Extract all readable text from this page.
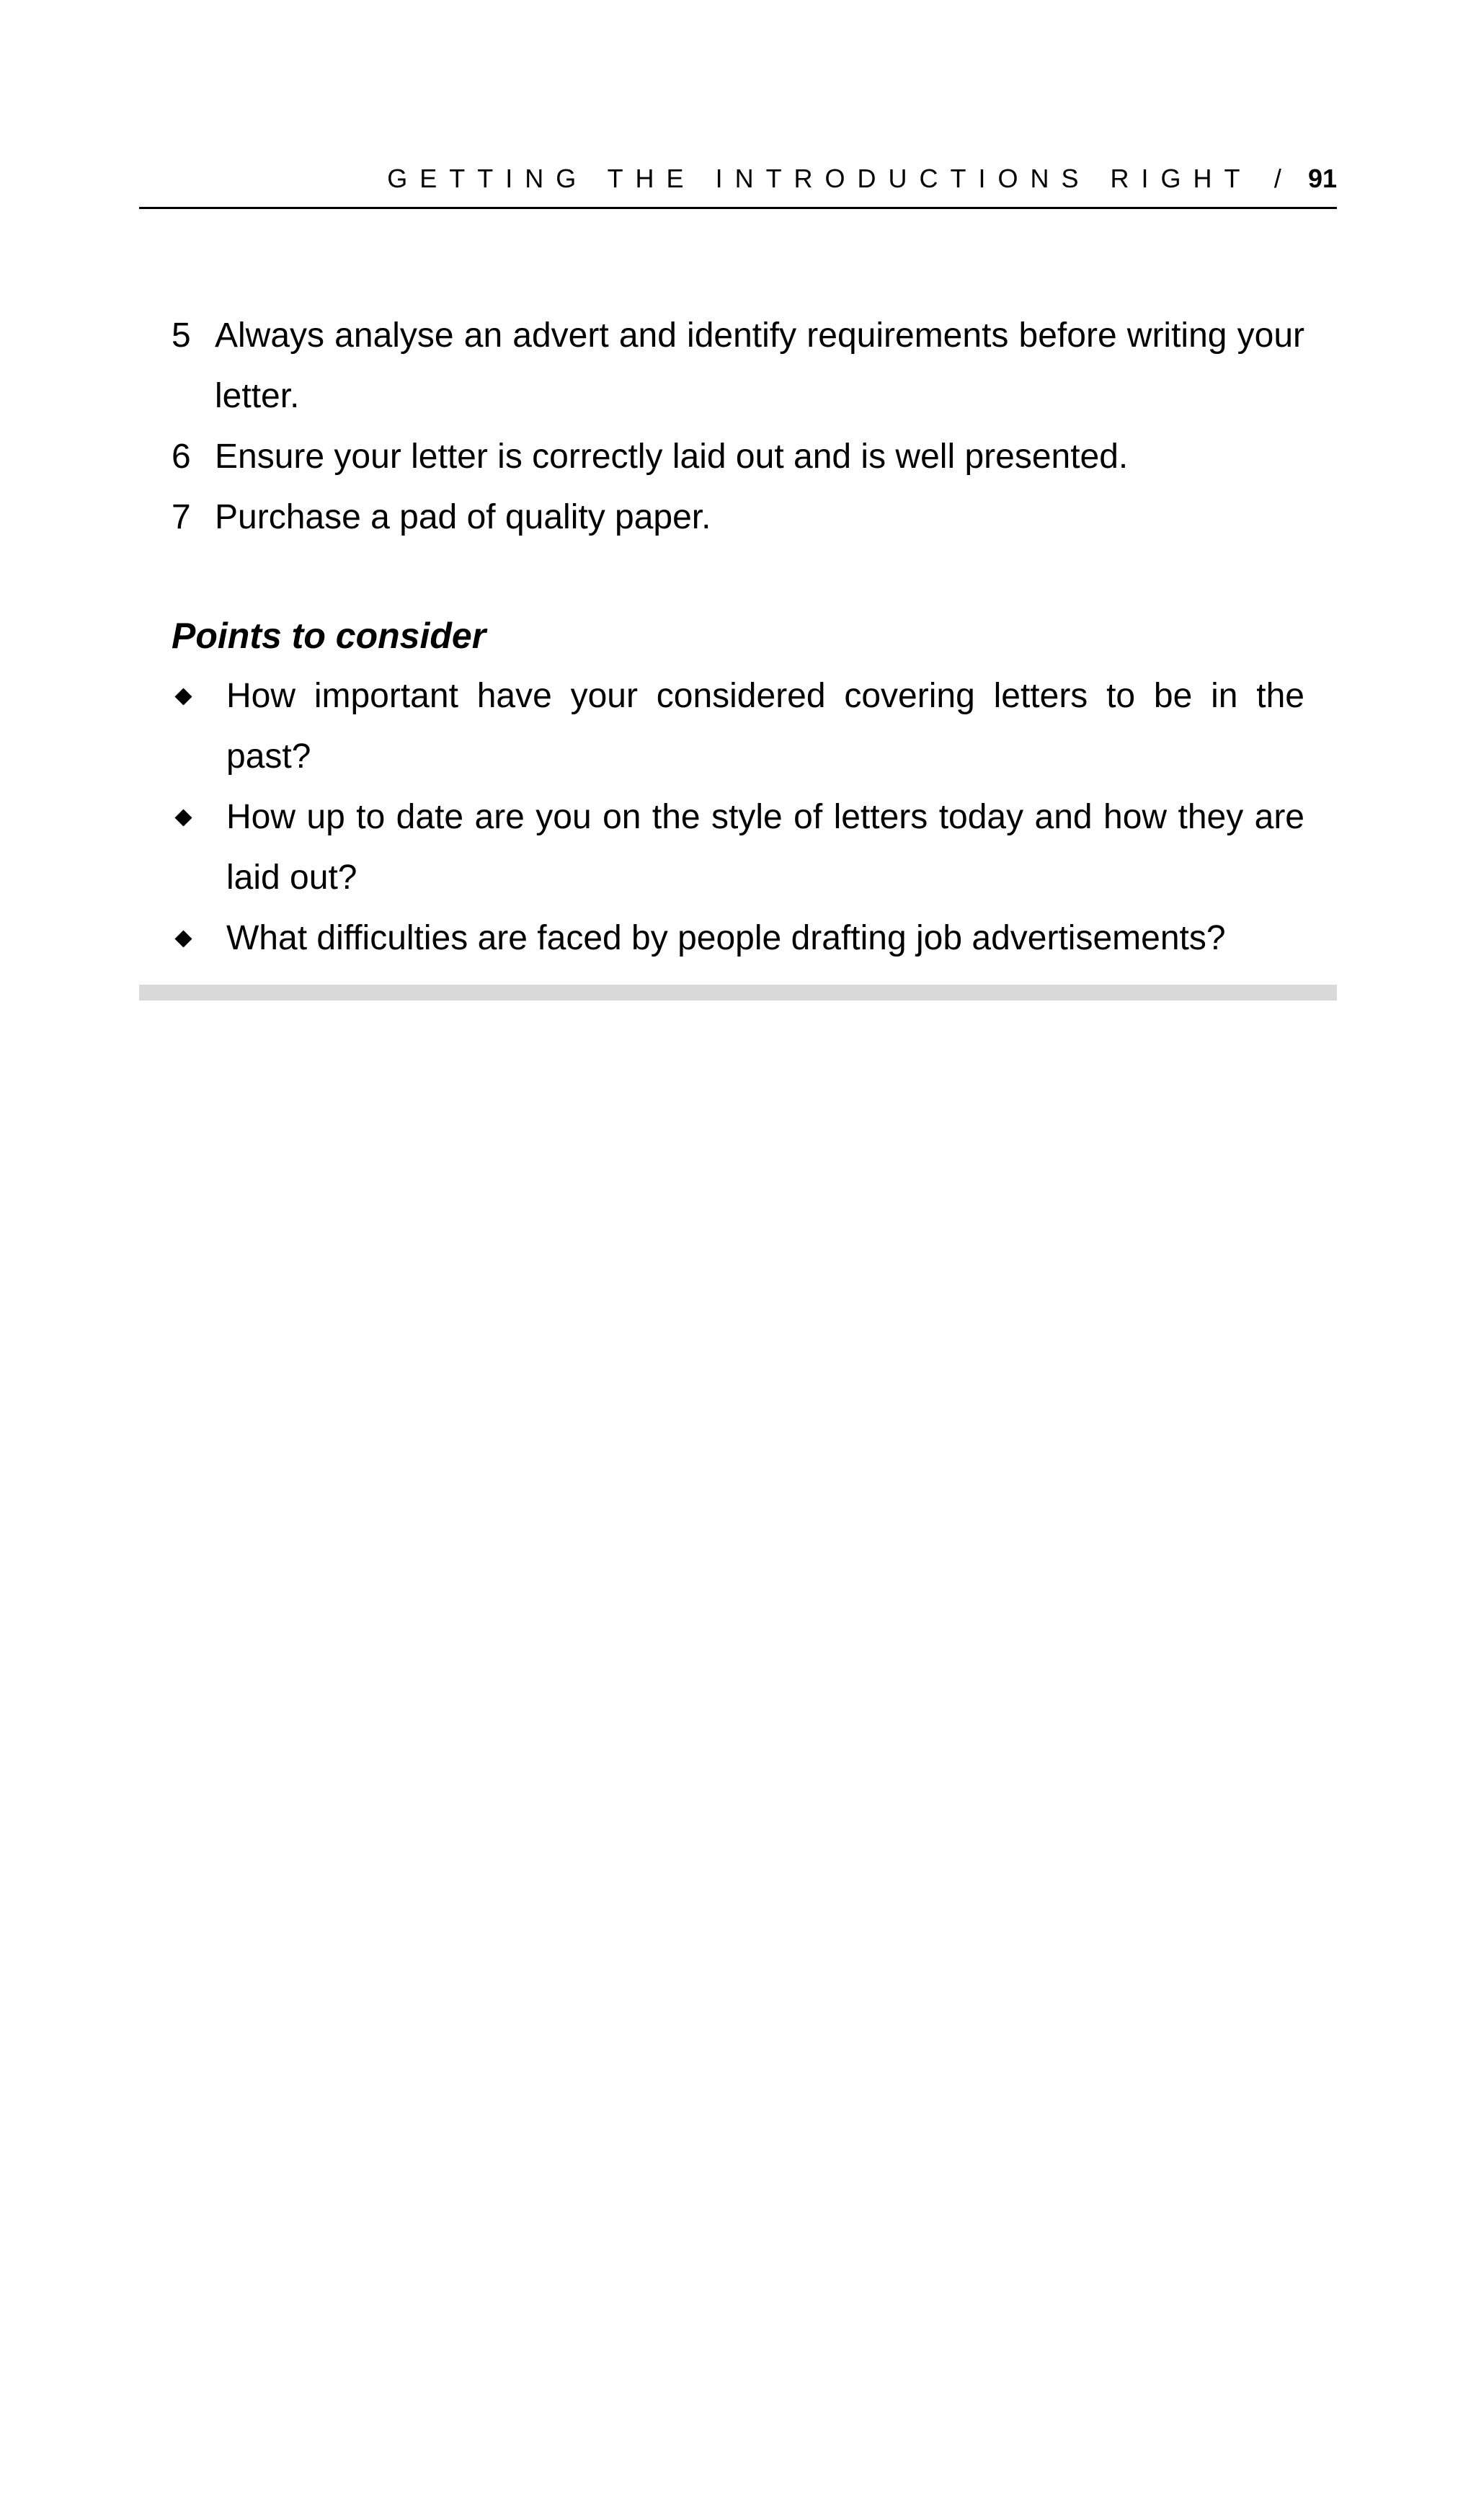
GETTING THE INTRODUCTIONS RIGHT / 91
5 Always analyse an advert and identify requirements before writing your letter.
6 Ensure your letter is correctly laid out and is well presented.
7 Purchase a pad of quality paper.
Points to consider
How important have your considered covering letters to be in the past?
How up to date are you on the style of letters today and how they are laid out?
What difficulties are faced by people drafting job advertisements?
